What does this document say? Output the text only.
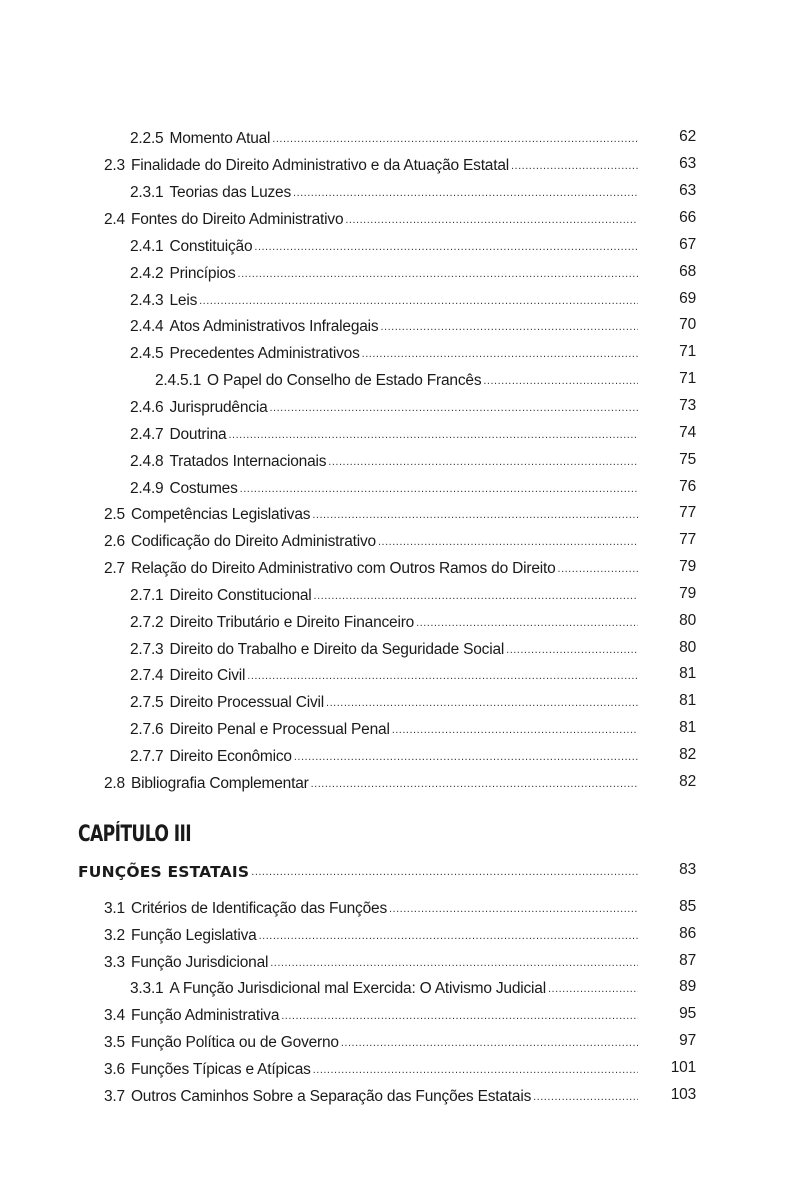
2.2.5 Momento Atual .....	62
2.3 Finalidade do Direito Administrativo e da Atuação Estatal .....	63
2.3.1 Teorias das Luzes .....	63
2.4 Fontes do Direito Administrativo .....	66
2.4.1 Constituição .....	67
2.4.2 Princípios .....	68
2.4.3 Leis .....	69
2.4.4 Atos Administrativos Infralegais .....	70
2.4.5 Precedentes Administrativos .....	71
2.4.5.1 O Papel do Conselho de Estado Francês .....	71
2.4.6 Jurisprudência .....	73
2.4.7 Doutrina .....	74
2.4.8 Tratados Internacionais .....	75
2.4.9 Costumes .....	76
2.5 Competências Legislativas .....	77
2.6 Codificação do Direito Administrativo .....	77
2.7 Relação do Direito Administrativo com Outros Ramos do Direito .....	79
2.7.1 Direito Constitucional .....	79
2.7.2 Direito Tributário e Direito Financeiro .....	80
2.7.3 Direito do Trabalho e Direito da Seguridade Social .....	80
2.7.4 Direito Civil .....	81
2.7.5 Direito Processual Civil .....	81
2.7.6 Direito Penal e Processual Penal .....	81
2.7.7 Direito Econômico .....	82
2.8 Bibliografia Complementar .....	82
CAPÍTULO III
FUNÇÕES ESTATAIS .....	83
3.1 Critérios de Identificação das Funções .....	85
3.2 Função Legislativa .....	86
3.3 Função Jurisdicional .....	87
3.3.1 A Função Jurisdicional mal Exercida: O Ativismo Judicial .....	89
3.4 Função Administrativa .....	95
3.5 Função Política ou de Governo .....	97
3.6 Funções Típicas e Atípicas .....	101
3.7 Outros Caminhos Sobre a Separação das Funções Estatais .....	103
